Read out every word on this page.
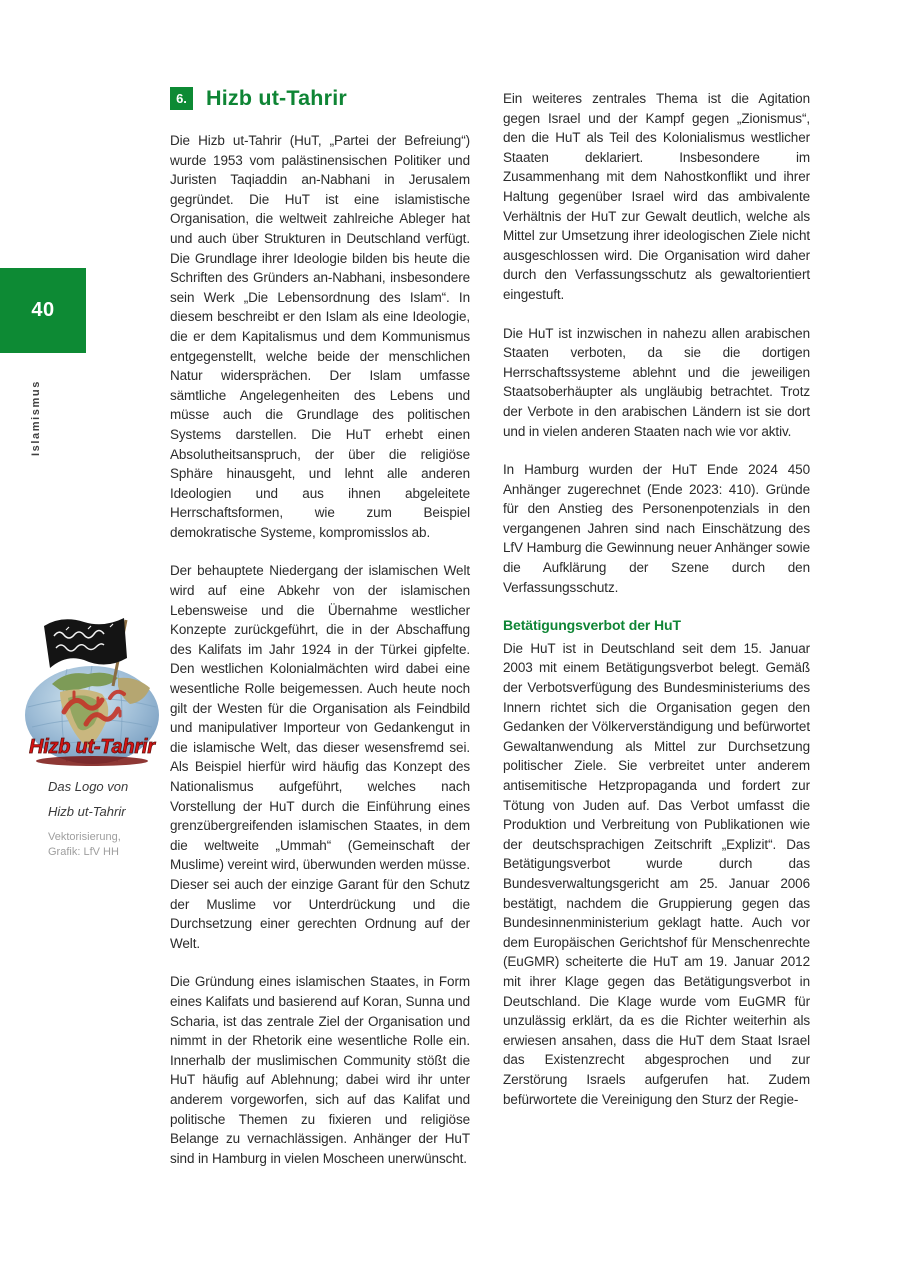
40
Islamismus
6. Hizb ut-Tahrir

Die Hizb ut-Tahrir (HuT, „Partei der Befreiung“) wurde 1953 vom palästinensischen Politiker und Juristen Taqiaddin an-Nabhani in Jerusalem gegründet. Die HuT ist eine islamistische Organisation, die weltweit zahlreiche Ableger hat und auch über Strukturen in Deutschland verfügt. Die Grundlage ihrer Ideologie bilden bis heute die Schriften des Gründers an-Nabhani, insbesondere sein Werk „Die Lebensordnung des Islam“. In diesem beschreibt er den Islam als eine Ideologie, die er dem Kapitalismus und dem Kommunismus entgegenstellt, welche beide der menschlichen Natur widersprächen. Der Islam umfasse sämtliche Angelegenheiten des Lebens und müsse auch die Grundlage des politischen Systems darstellen. Die HuT erhebt einen Absolutheitsanspruch, der über die religiöse Sphäre hinausgeht, und lehnt alle anderen Ideologien und aus ihnen abgeleitete Herrschaftsformen, wie zum Beispiel demokratische Systeme, kompromisslos ab.

Der behauptete Niedergang der islamischen Welt wird auf eine Abkehr von der islamischen Lebensweise und die Übernahme westlicher Konzepte zurückgeführt, die in der Abschaffung des Kalifats im Jahr 1924 in der Türkei gipfelte. Den westlichen Kolonialmächten wird dabei eine wesentliche Rolle beigemessen. Auch heute noch gilt der Westen für die Organisation als Feindbild und manipulativer Importeur von Gedankengut in die islamische Welt, das dieser wesensfremd sei. Als Beispiel hierfür wird häufig das Konzept des Nationalismus aufgeführt, welches nach Vorstellung der HuT durch die Einführung eines grenzübergreifenden islamischen Staates, in dem die weltweite „Ummah“ (Gemeinschaft der Muslime) vereint wird, überwunden werden müsse. Dieser sei auch der einzige Garant für den Schutz der Muslime vor Unterdrückung und die Durchsetzung einer gerechten Ordnung auf der Welt.

Die Gründung eines islamischen Staates, in Form eines Kalifats und basierend auf Koran, Sunna und Scharia, ist das zentrale Ziel der Organisation und nimmt in der Rhetorik eine wesentliche Rolle ein. Innerhalb der muslimischen Community stößt die HuT häufig auf Ablehnung; dabei wird ihr unter anderem vorgeworfen, sich auf das Kalifat und politische Themen zu fixieren und religiöse Belange zu vernachlässigen. Anhänger der HuT sind in Hamburg in vielen Moscheen unerwünscht.

Ein weiteres zentrales Thema ist die Agitation gegen Israel und der Kampf gegen „Zionismus“, den die HuT als Teil des Kolonialismus westlicher Staaten deklariert. Insbesondere im Zusammenhang mit dem Nahostkonflikt und ihrer Haltung gegenüber Israel wird das ambivalente Verhältnis der HuT zur Gewalt deutlich, welche als Mittel zur Umsetzung ihrer ideologischen Ziele nicht ausgeschlossen wird. Die Organisation wird daher durch den Verfassungsschutz als gewaltorientiert eingestuft.

Die HuT ist inzwischen in nahezu allen arabischen Staaten verboten, da sie die dortigen Herrschaftssysteme ablehnt und die jeweiligen Staatsoberhäupter als ungläubig betrachtet. Trotz der Verbote in den arabischen Ländern ist sie dort und in vielen anderen Staaten nach wie vor aktiv.

In Hamburg wurden der HuT Ende 2024 450 Anhänger zugerechnet (Ende 2023: 410). Gründe für den Anstieg des Personenpotenzials in den vergangenen Jahren sind nach Einschätzung des LfV Hamburg die Gewinnung neuer Anhänger sowie die Aufklärung der Szene durch den Verfassungsschutz.

Betätigungsverbot der HuT

Die HuT ist in Deutschland seit dem 15. Januar 2003 mit einem Betätigungsverbot belegt. Gemäß der Verbotsverfügung des Bundesministeriums des Innern richtet sich die Organisation gegen den Gedanken der Völkerverständigung und befürwortet Gewaltanwendung als Mittel zur Durchsetzung politischer Ziele. Sie verbreitet unter anderem antisemitische Hetzpropaganda und fordert zur Tötung von Juden auf. Das Verbot umfasst die Produktion und Verbreitung von Publikationen wie der deutschsprachigen Zeitschrift „Explizit“. Das Betätigungsverbot wurde durch das Bundesverwaltungsgericht am 25. Januar 2006 bestätigt, nachdem die Gruppierung gegen das Bundesinnenministerium geklagt hatte. Auch vor dem Europäischen Gerichtshof für Menschenrechte (EuGMR) scheiterte die HuT am 19. Januar 2012 mit ihrer Klage gegen das Betätigungsverbot in Deutschland. Die Klage wurde vom EuGMR für unzulässig erklärt, da es die Richter weiterhin als erwiesen ansahen, dass die HuT dem Staat Israel das Existenzrecht abgesprochen und zur Zerstörung Israels aufgerufen hat. Zudem befürwortete die Vereinigung den Sturz der Regie-

Hizb ut-Tahrir
Das Logo von
Hizb ut-Tahrir
Vektorisierung,
Grafik: LfV HH
